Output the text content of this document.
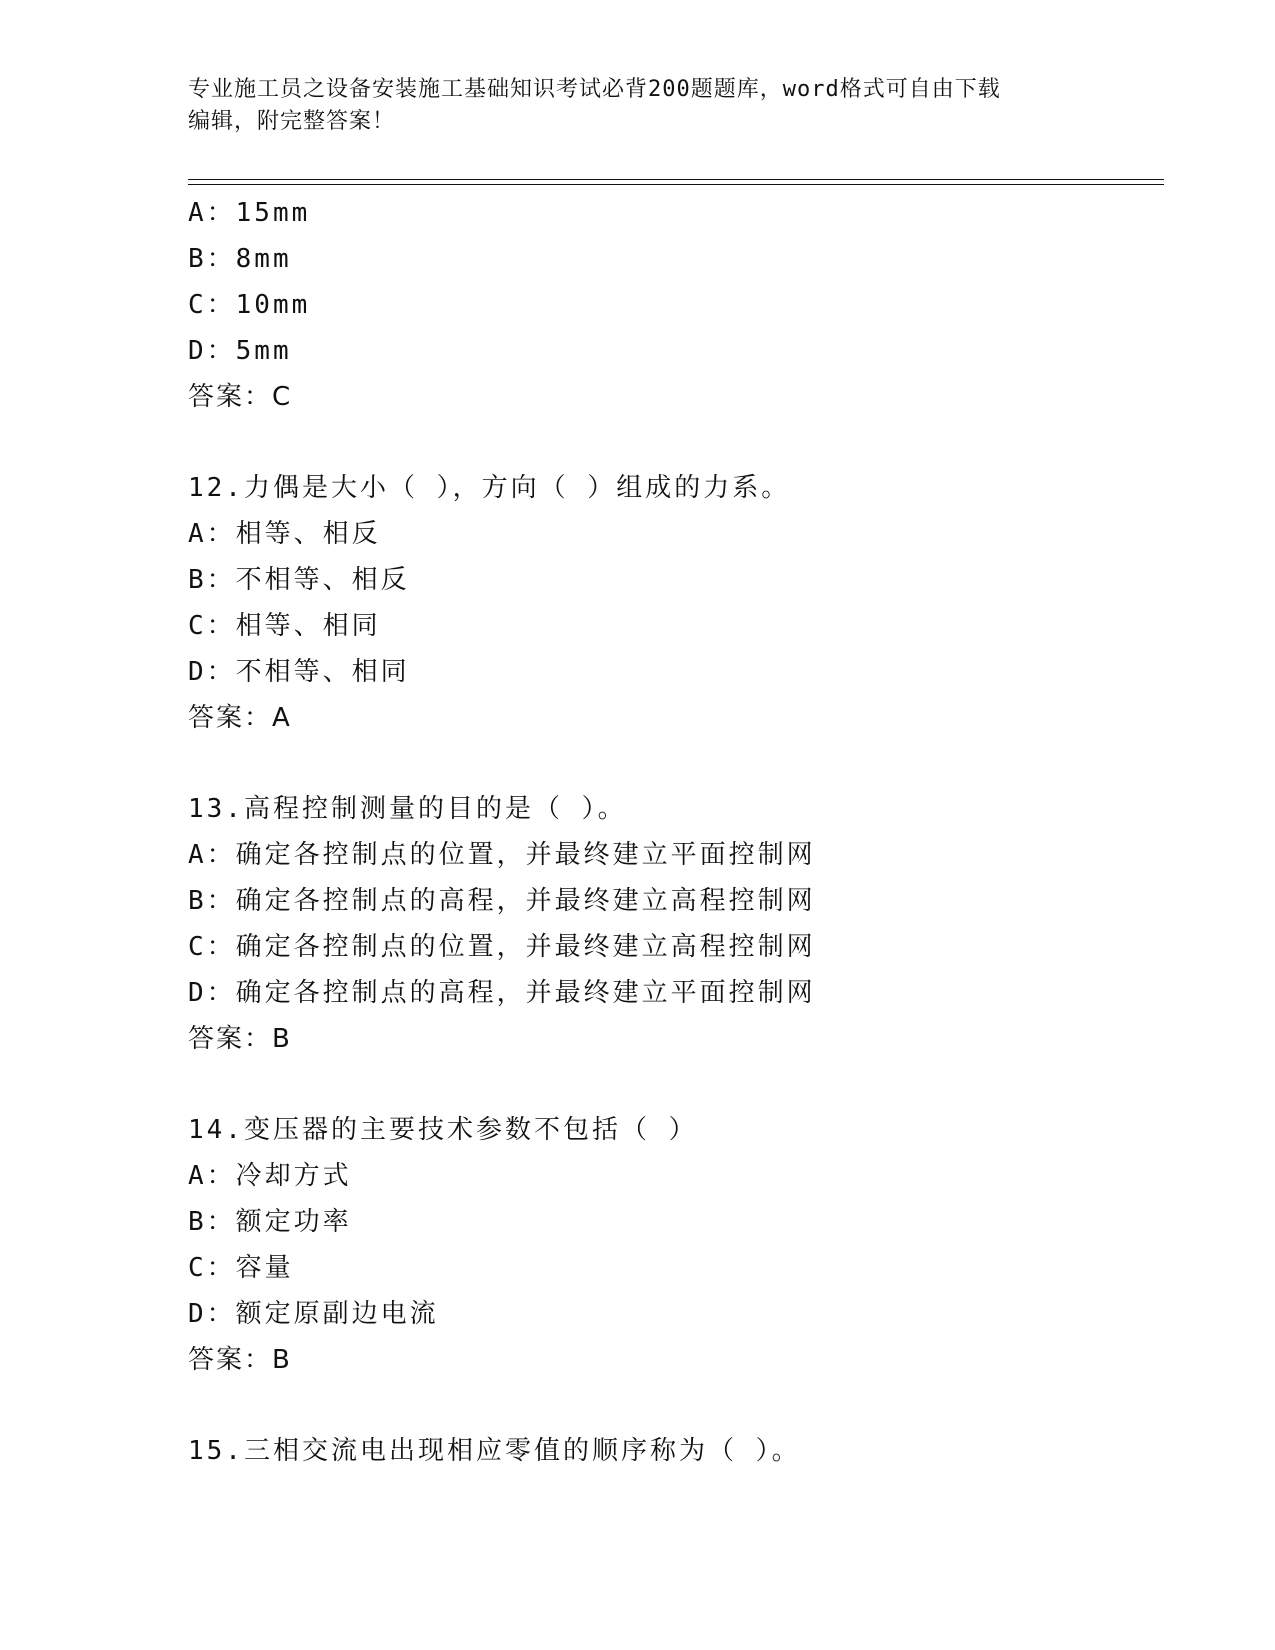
专业施工员之设备安装施工基础知识考试必背200题题库，word格式可自由下载
编辑，附完整答案！
A：15mm
B：8mm
C：10mm
D：5mm
答案：C
12.力偶是大小（ ），方向（ ）组成的力系。
A：相等、相反
B：不相等、相反
C：相等、相同
D：不相等、相同
答案：A
13.高程控制测量的目的是（ ）。
A：确定各控制点的位置，并最终建立平面控制网
B：确定各控制点的高程，并最终建立高程控制网
C：确定各控制点的位置，并最终建立高程控制网
D：确定各控制点的高程，并最终建立平面控制网
答案：B
14.变压器的主要技术参数不包括（ ）
A：冷却方式
B：额定功率
C：容量
D：额定原副边电流
答案：B
15.三相交流电出现相应零值的顺序称为（ ）。
